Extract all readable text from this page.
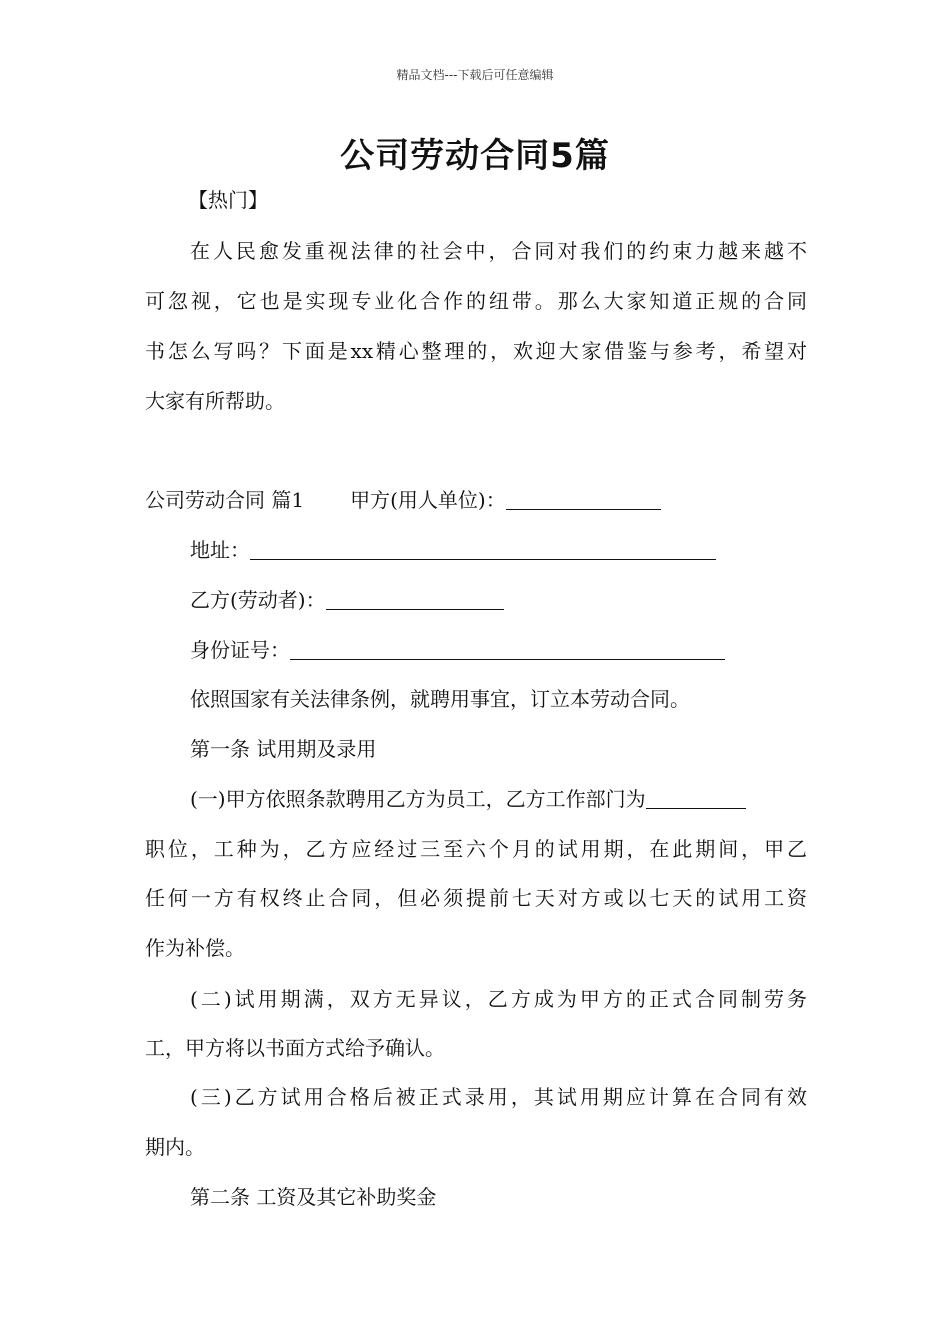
精品文档---下载后可任意编辑
公司劳动合同5篇
【热门】
在人民愈发重视法律的社会中，合同对我们的约束力越来越不
可忽视，它也是实现专业化合作的纽带。那么大家知道正规的合同
书怎么写吗？下面是xx精心整理的，欢迎大家借鉴与参考，希望对
大家有所帮助。
公司劳动合同 篇1 甲方(用人单位)：
地址：
乙方(劳动者)：
身份证号：
依照国家有关法律条例，就聘用事宜，订立本劳动合同。
第一条 试用期及录用
(一)甲方依照条款聘用乙方为员工，乙方工作部门为
职位，工种为，乙方应经过三至六个月的试用期，在此期间，甲乙
任何一方有权终止合同，但必须提前七天对方或以七天的试用工资
作为补偿。
(二)试用期满，双方无异议，乙方成为甲方的正式合同制劳务
工，甲方将以书面方式给予确认。
(三)乙方试用合格后被正式录用，其试用期应计算在合同有效
期内。
第二条 工资及其它补助奖金
